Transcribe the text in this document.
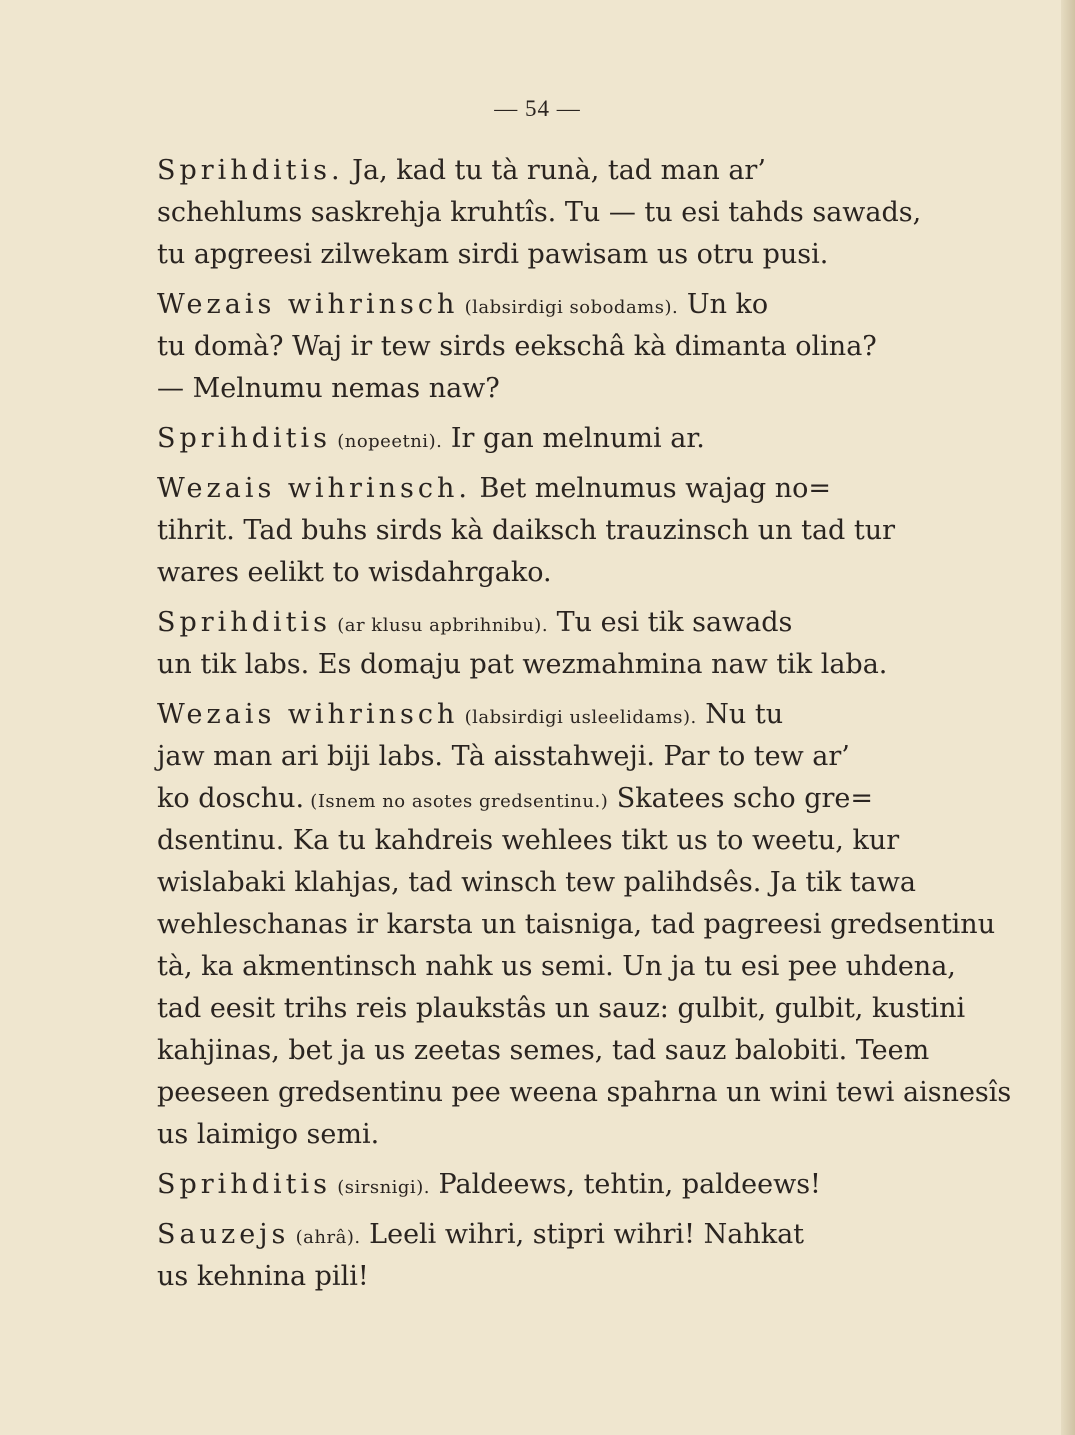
— 54 —
Sprihditis. Ja, kad tu tà runà, tad man ar’
schehlums saskrehja kruhtîs. Tu — tu esi tahds sawads,
tu apgreesi zilwekam sirdi pawisam us otru pusi.
Wezais wihrinsch (labsirdigi sobodams). Un ko
tu domà? Waj ir tew sirds eekschâ kà dimanta olina?
— Melnumu nemas naw?
Sprihditis (nopeetni). Ir gan melnumi ar.
Wezais wihrinsch. Bet melnumus wajag no=
tihrit. Tad buhs sirds kà daiksch trauzinsch un tad tur
wares eelikt to wisdahrgako.
Sprihditis (ar klusu apbrihnibu). Tu esi tik sawads
un tik labs. Es domaju pat wezmahmina naw tik laba.
Wezais wihrinsch (labsirdigi usleelidams). Nu tu
jaw man ari biji labs. Tà aisstahweji. Par to tew ar’
ko doschu. (Isnem no asotes gredsentinu.) Skatees scho gre=
dsentinu. Ka tu kahdreis wehlees tikt us to weetu, kur
wislabaki klahjas, tad winsch tew palihdsês. Ja tik tawa
wehleschanas ir karsta un taisniga, tad pagreesi gredsentinu
tà, ka akmentinsch nahk us semi. Un ja tu esi pee uhdena,
tad eesit trihs reis plaukstâs un sauz: gulbit, gulbit, kustini
kahjinas, bet ja us zeetas semes, tad sauz balobiti. Teem
peeseen gredsentinu pee weena spahrna un wini tewi aisnesîs
us laimigo semi.
Sprihditis (sirsnigi). Paldeews, tehtin, paldeews!
Sauzejs (ahrâ). Leeli wihri, stipri wihri! Nahkat
us kehnina pili!
